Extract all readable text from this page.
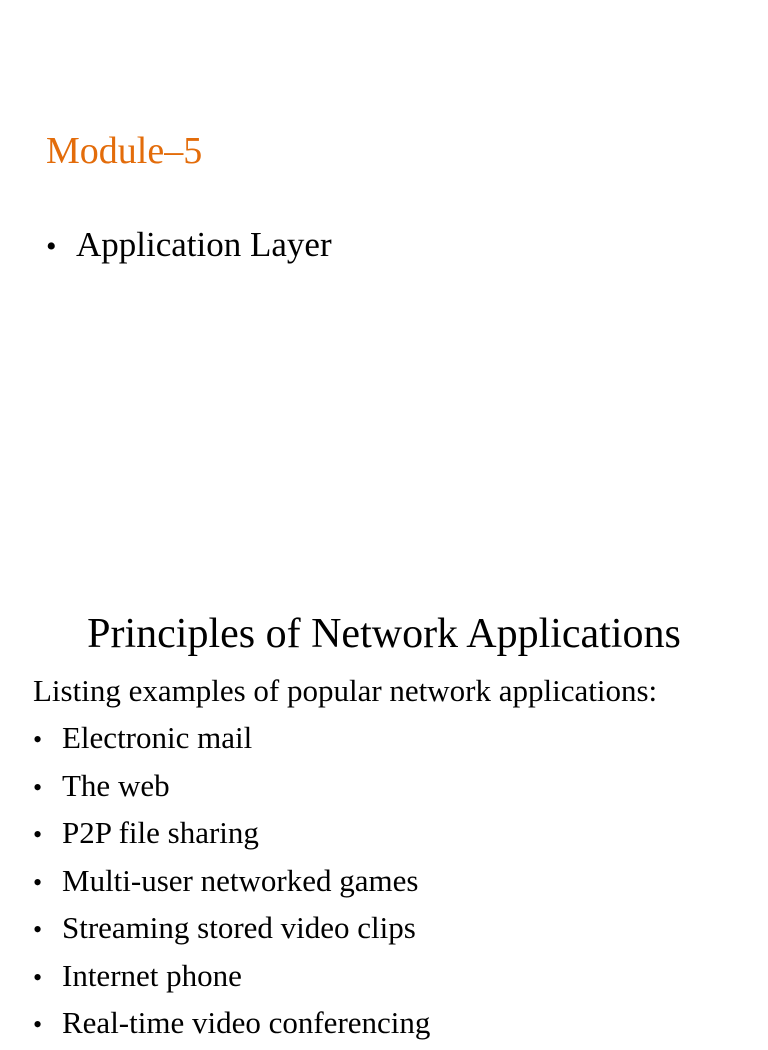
Module–5
• Application Layer
Principles of Network Applications
Listing examples of popular network applications:
• Electronic mail
• The web
• P2P file sharing
• Multi-user networked games
• Streaming stored video clips
• Internet phone
• Real-time video conferencing
